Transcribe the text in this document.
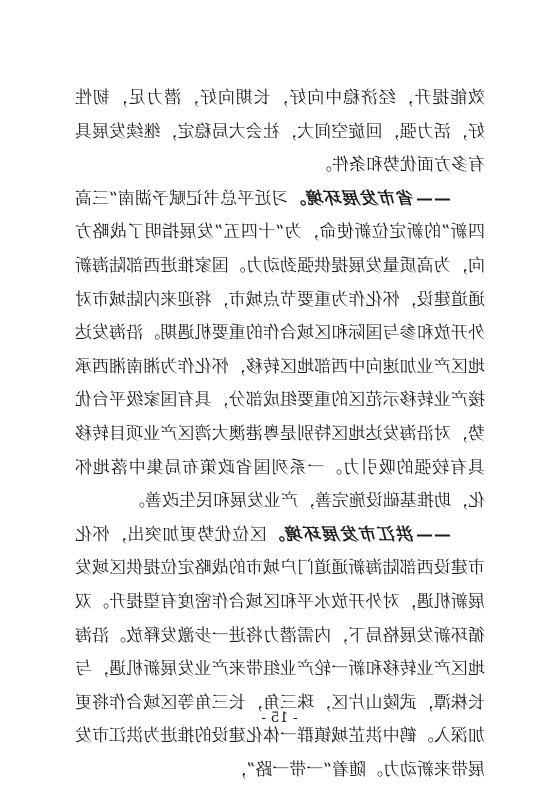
效能提升，经济稳中向好，长期向好，潜力足，韧性好，活力强，回旋空间大，社会大局稳定，继续发展具有多方面优势和条件。

——省市发展环境。习近平总书记赋予湖南“三高四新”的新定位新使命，为“十四五”发展指明了战略方向，为高质量发展提供强劲动力。国家推进西部陆海新通道建设，怀化作为重要节点城市，将迎来内陆城市对外开放和参与国际和区域合作的重要机遇期。沿海发达地区产业加速向中西部地区转移，怀化作为湘南湘西承接产业转移示范区的重要组成部分，具有国家级平台优势，对沿海发达地区特别是粤港澳大湾区产业项目转移具有较强的吸引力。一系列国省政策布局集中落地怀化，助推基础设施完善，产业发展和民生改善。

——洪江市发展环境。区位优势更加突出，怀化市建设西部陆海新通道门户城市的战略定位提供区域发展新机遇，对外开放水平和区域合作密度有望提升。双循环新发展格局下，内需潜力将进一步激发释放。沿海地区产业转移和新一轮产业组带来产业发展新机遇，与长株潭，武陵山片区，珠三角，长三角等区域合作将更加深入。鹤中洪芷城镇群一体化建设的推进为洪江市发展带来新动力。随着“一带一路”，

- 15 -
